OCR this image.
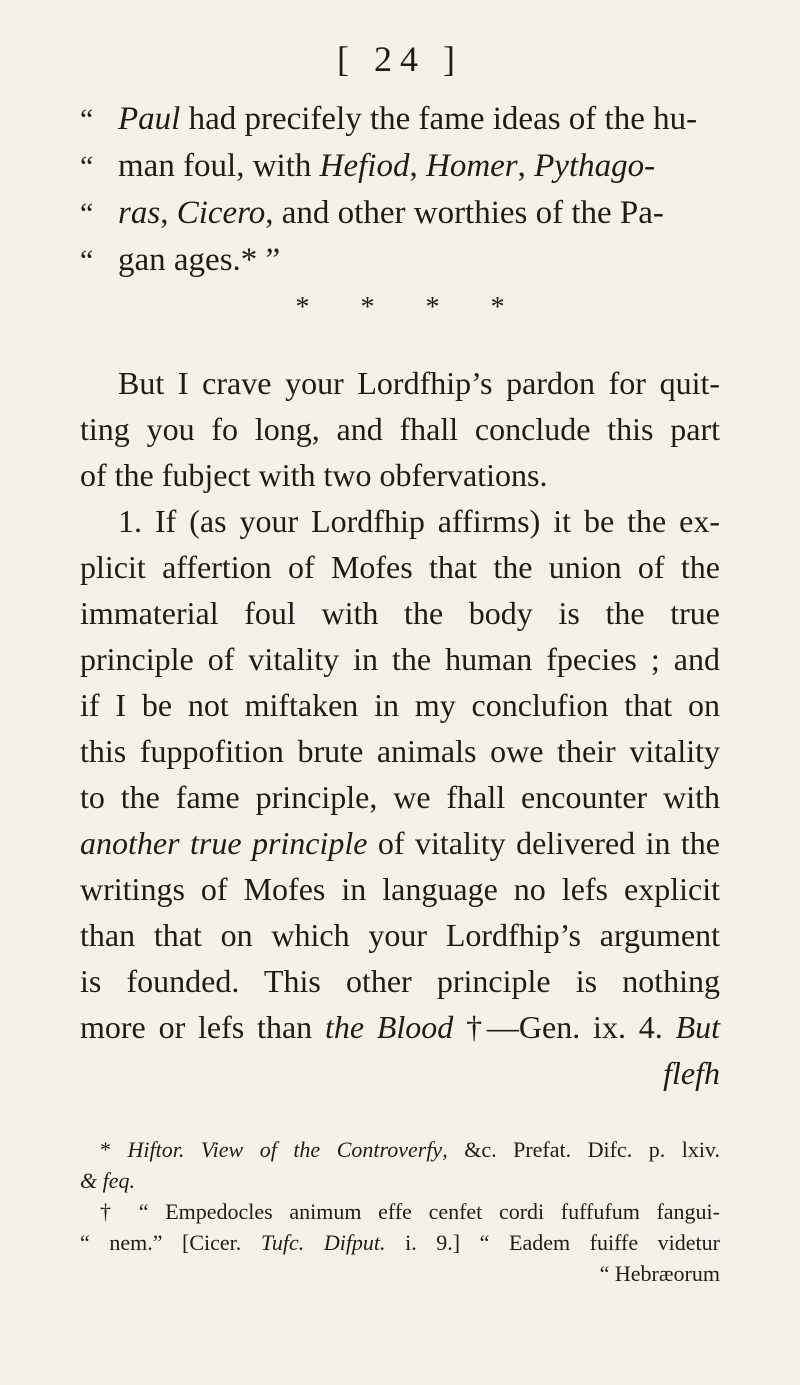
[ 24 ]
“ Paul had precifely the fame ideas of the hu-
“ man foul, with Hefiod, Homer, Pythago-
“ ras, Cicero, and other worthies of the Pa-
“ gan ages.* ”
* * * *
But I crave your Lordfhip’s pardon for quit-
ting you fo long, and fhall conclude this part
of the fubject with two obfervations.
1. If (as your Lordfhip affirms) it be the ex-
plicit affertion of Mofes that the union of the
immaterial foul with the body is the true
principle of vitality in the human fpecies ; and
if I be not miftaken in my conclufion that on
this fuppofition brute animals owe their vitality
to the fame principle, we fhall encounter with
another true principle of vitality delivered in the
writings of Mofes in language no lefs explicit
than that on which your Lordfhip’s argument
is founded. This other principle is nothing
more or lefs than the Blood †—Gen. ix. 4. But
flefh
* Hiftor. View of the Controverfy, &c. Prefat. Difc. p. lxiv.
& feq.
† “ Empedocles animum effe cenfet cordi fuffufum fangui-
“ nem.” [Cicer. Tufc. Difput. i. 9.] “ Eadem fuiffe videtur
“ Hebræorum
